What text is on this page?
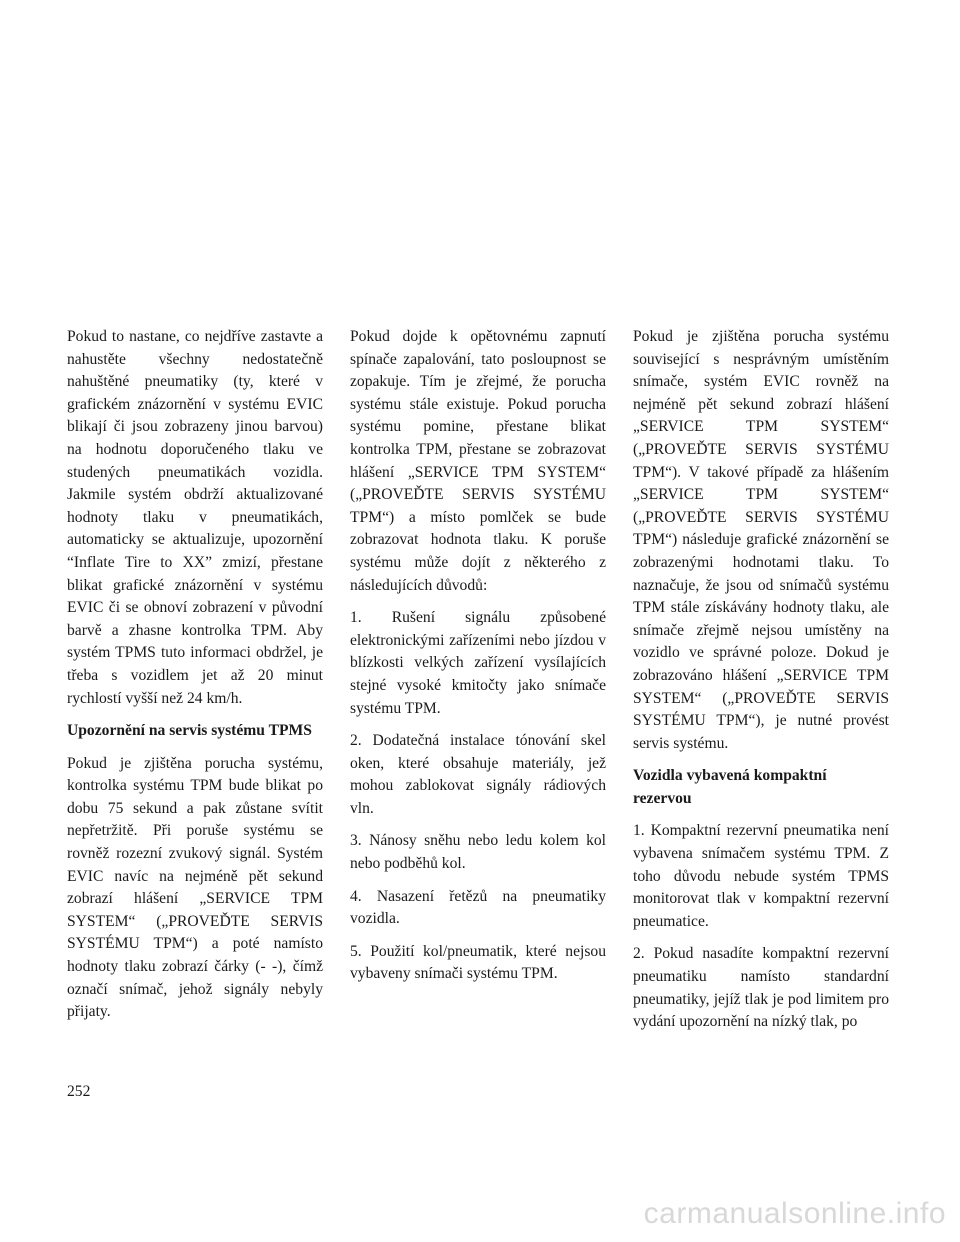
Pokud to nastane, co nejdříve zastavte a nahustěte všechny nedostatečně nahuštěné pneumatiky (ty, které v grafickém znázornění v systému EVIC blikají či jsou zobrazeny jinou barvou) na hodnotu doporučeného tlaku ve studených pneumatikách vozidla. Jakmile systém obdrží aktualizované hodnoty tlaku v pneumatikách, automaticky se aktualizuje, upozornění “Inflate Tire to XX” zmizí, přestane blikat grafické znázornění v systému EVIC či se obnoví zobrazení v původní barvě a zhasne kontrolka TPM. Aby systém TPMS tuto informaci obdržel, je třeba s vozidlem jet až 20 minut rychlostí vyšší než 24 km/h.

Upozornění na servis systému TPMS

Pokud je zjištěna porucha systému, kontrolka systému TPM bude blikat po dobu 75 sekund a pak zůstane svítit nepřetržitě. Při poruše systému se rovněž rozezní zvukový signál. Systém EVIC navíc na nejméně pět sekund zobrazí hlášení „SERVICE TPM SYSTEM“ („PROVEĎTE SERVIS SYSTÉMU TPM“) a poté namísto hodnoty tlaku zobrazí čárky (- -), čímž označí snímač, jehož signály nebyly přijaty.

Pokud dojde k opětovnému zapnutí spínače zapalování, tato posloupnost se zopakuje. Tím je zřejmé, že porucha systému stále existuje. Pokud porucha systému pomine, přestane blikat kontrolka TPM, přestane se zobrazovat hlášení „SERVICE TPM SYSTEM“ („PROVEĎTE SERVIS SYSTÉMU TPM“) a místo pomlček se bude zobrazovat hodnota tlaku. K poruše systému může dojít z některého z následujících důvodů:

1. Rušení signálu způsobené elektronickými zařízeními nebo jízdou v blízkosti velkých zařízení vysílajících stejné vysoké kmitočty jako snímače systému TPM.

2. Dodatečná instalace tónování skel oken, které obsahuje materiály, jež mohou zablokovat signály rádiových vln.

3. Nánosy sněhu nebo ledu kolem kol nebo podběhů kol.

4. Nasazení řetězů na pneumatiky vozidla.

5. Použití kol/pneumatik, které nejsou vybaveny snímači systému TPM.

Pokud je zjištěna porucha systému související s nesprávným umístěním snímače, systém EVIC rovněž na nejméně pět sekund zobrazí hlášení „SERVICE TPM SYSTEM“ („PROVEĎTE SERVIS SYSTÉMU TPM“). V takové případě za hlášením „SERVICE TPM SYSTEM“ („PROVEĎTE SERVIS SYSTÉMU TPM“) následuje grafické znázornění se zobrazenými hodnotami tlaku. To naznačuje, že jsou od snímačů systému TPM stále získávány hodnoty tlaku, ale snímače zřejmě nejsou umístěny na vozidlo ve správné poloze. Dokud je zobrazováno hlášení „SERVICE TPM SYSTEM“ („PROVEĎTE SERVIS SYSTÉMU TPM“), je nutné provést servis systému.

Vozidla vybavená kompaktní rezervou

1. Kompaktní rezervní pneumatika není vybavena snímačem systému TPM. Z toho důvodu nebude systém TPMS monitorovat tlak v kompaktní rezervní pneumatice.

2. Pokud nasadíte kompaktní rezervní pneumatiku namísto standardní pneumatiky, jejíž tlak je pod limitem pro vydání upozornění na nízký tlak, po

252
carmanualsonline.info
